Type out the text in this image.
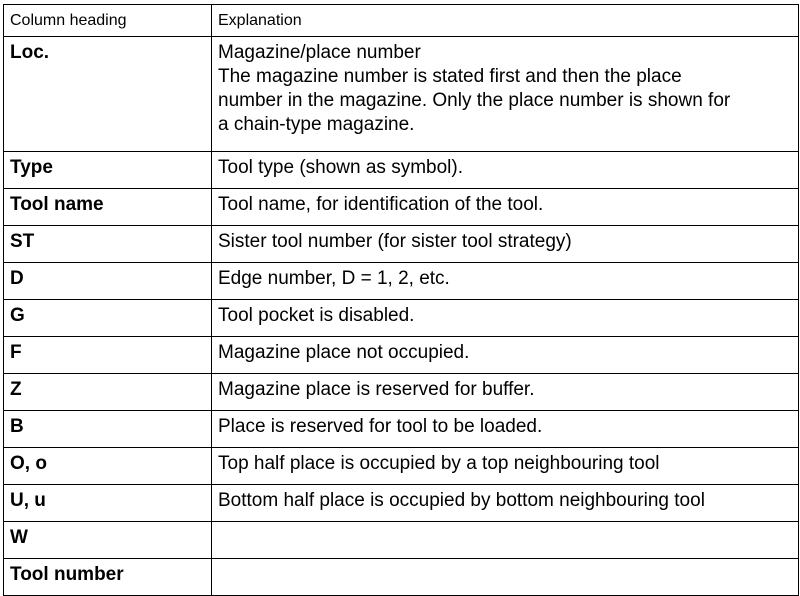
Column heading	Explanation
Loc.	Magazine/place number
The magazine number is stated first and then the place
number in the magazine. Only the place number is shown for
a chain-type magazine.

Type	Tool type (shown as symbol).
Tool name	Tool name, for identification of the tool.
ST	Sister tool number (for sister tool strategy)
D	Edge number, D = 1, 2, etc.
G	Tool pocket is disabled.
F	Magazine place not occupied.
Z	Magazine place is reserved for buffer.
B	Place is reserved for tool to be loaded.
O, o	Top half place is occupied by a top neighbouring tool
U, u	Bottom half place is occupied by bottom neighbouring tool
W	
Tool number	
